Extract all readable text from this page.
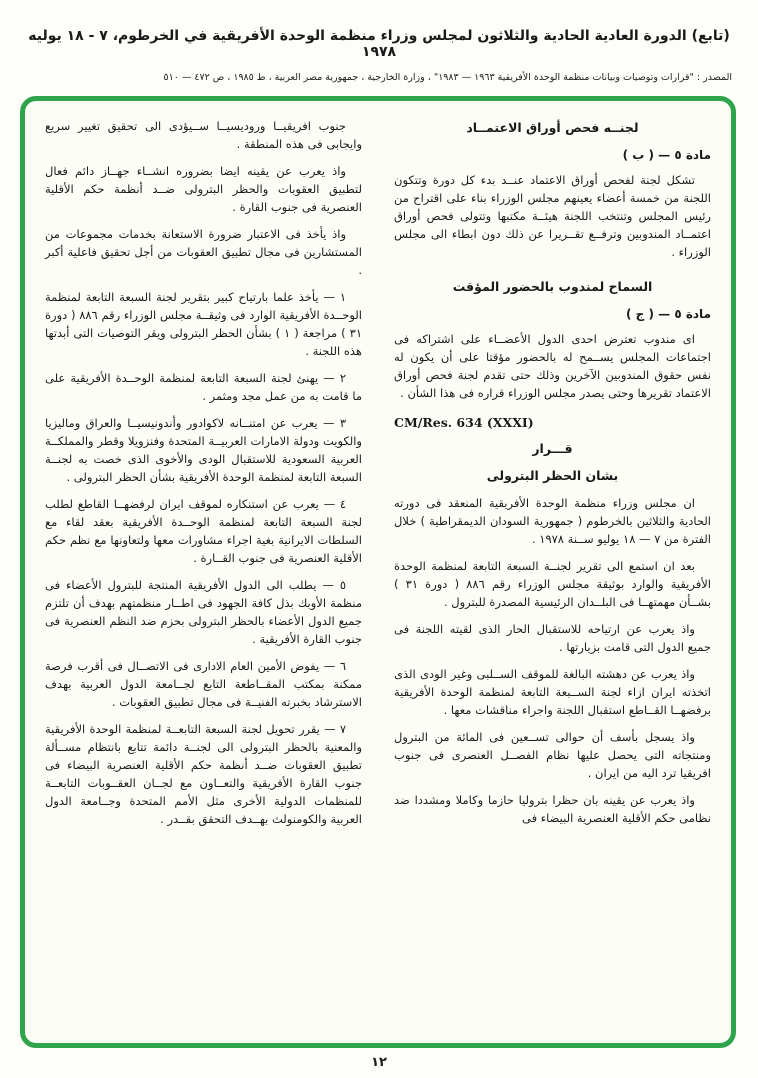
(تابع) الدورة العادية الحادية والثلاثون لمجلس وزراء منظمة الوحدة الأفريقية في الخرطوم، ٧ - ١٨ يوليه ١٩٧٨
المصدر : "قرارات وتوصيات وبيانات منظمة الوحدة الأفريقية ١٩٦٣ — ١٩٨٣" ، وزارة الخارجية ، جمهورية مصر العربية ، ط ١٩٨٥ ، ص ٤٧٢ — ٥١٠
لجنــه فحص أوراق الاعتمــاد
مادة ٥ — ( ب )

تشكل لجنة لفحص أوراق الاعتماد عنــد بدء كل دورة وتتكون اللجنة من خمسة أعضاء يعينهم مجلس الوزراء بناء على اقتراح من رئيس المجلس وتنتخب اللجنة هيئــة مكتبها وتتولى فحص أوراق اعتمــاد المندوبين وترفــع تقــريرا عن ذلك دون ابطاء الى مجلس الوزراء .

السماح لمندوب بالحضور المؤقت
مادة ٥ — ( ج )

اى مندوب تعترض احدى الدول الأعضــاء على اشتراكه فى اجتماعات المجلس يســمح له بالحضور مؤقتا على أن يكون له نفس حقوق المندوبين الآخرين وذلك حتى تقدم لجنة فحص أوراق الاعتماد تقريرها وحتى يصدر مجلس الوزراء قراره فى هذا الشأن .

CM/Res. 634 (XXXI)
قـــرار
بشان الحظر البترولى

ان مجلس وزراء منظمة الوحدة الأفريقية المنعقد فى دورته الحادية والثلاثين بالخرطوم ( جمهورية السودان الديمقراطية ) خلال الفترة من ٧ — ١٨ يوليو ســنة ١٩٧٨ .

بعد ان استمع الى تقرير لجنــة السبعة التابعة لمنظمة الوحدة الأفريقية والوارد بوثيقة مجلس الوزراء رقم ٨٨٦ ( دورة ٣١ ) بشــأن مهمتهــا فى البلــدان الرئيسية المصدرة للبترول .

واذ يعرب عن ارتياحه للاستقبال الحار الذى لقيته اللجنة فى جميع الدول التى قامت بزيارتها .

واذ يعرب عن دهشته البالغة للموقف الســلبى وغير الودى الذى اتخذته ايران ازاء لجنة الســبعة التابعة لمنظمة الوحدة الأفريقية برفضهــا القــاطع استقبال اللجنة واجراء مناقشات معها .

واذ يسجل بأسف أن حوالى تســعين فى المائة من البترول ومنتجاته التى يحصل عليها نظام الفصــل العنصرى فى جنوب افريقيا ترد اليه من ايران .

واذ يعرب عن يقينه بان حظرا بتروليا حازما وكاملا ومشددا ضد نظامى حكم الأقلية العنصرية البيضاء فى

جنوب افريقيــا وروديسيــا ســيؤدى الى تحقيق تغيير سريع وايجابى فى هذه المنطقة .

واذ يعرب عن يقينه ايضا بضروره انشــاء جهــاز دائم فعال لتطبيق العقوبات والحظر البترولى ضــد أنظمة حكم الأقلية العنصرية فى جنوب القارة .

واذ يأخذ فى الاعتبار ضرورة الاستعانة بخدمات مجموعات من المستشارين فى مجال تطبيق العقوبات من أجل تحقيق فاعلية أكبر .

١ — يأخذ علما بارتياح كبير بتقرير لجنة السبعة التابعة لمنظمة الوحــدة الأفريقية الوارد فى وثيقــة مجلس الوزراء رقم ٨٨٦ ( دورة ٣١ ) مراجعة ( ١ ) بشأن الحظر البترولى ويقر التوصيات التى أبدتها هذه اللجنة .

٢ — يهنئ لجنة السبعة التابعة لمنظمة الوحــدة الأفريقية على ما قامت به من عمل مجد ومثمر .

٣ — يعرب عن امتنــانه لاكوادور وأندونيسيــا والعراق وماليزيا والكويت ودولة الامارات العربيــة المتحدة وفنزويلا وقطر والمملكــة العربية السعودية للاستقبال الودى والأخوى الذى خصت به لجنــة السبعة التابعة لمنظمة الوحدة الأفريقية بشأن الحظر البترولى .

٤ — يعرب عن استنكاره لموقف ايران لرفضهــا القاطع لطلب لجنة السبعة التابعة لمنظمة الوحــدة الأفريقية بعقد لقاء مع السلطات الايرانية بغية اجراء مشاورات معها ولتعاونها مع نظم حكم الأقلية العنصرية فى جنوب القــارة .

٥ — يطلب الى الدول الأفريقية المنتجة للبترول الأعضاء فى منظمة الأوبك بذل كافة الجهود فى اطــار منظمتهم بهدف أن تلتزم جميع الدول الأعضاء بالحظر البترولى بحزم ضد النظم العنصرية فى جنوب القارة الأفريقية .

٦ — يفوض الأمين العام الادارى فى الاتصــال فى أقرب فرصة ممكنة بمكتب المقــاطعة التابع لجــامعة الدول العربية بهدف الاسترشاد بخبرته الفنيــة فى مجال تطبيق العقوبات .

٧ — يقرر تحويل لجنة السبعة التابعــة لمنظمة الوحدة الأفريقية والمعنية بالحظر البترولى الى لجنــة دائمة تتابع بانتظام مســألة تطبيق العقوبات ضــد أنظمة حكم الأقلية العنصرية البيضاء فى جنوب القارة الأفريقية والتعــاون مع لجــان العقــوبات التابعــة للمنظمات الدولية الأخرى مثل الأمم المتحدة وجــامعة الدول العربية والكومنولث بهــدف التحقق بقــدر .

١٢
